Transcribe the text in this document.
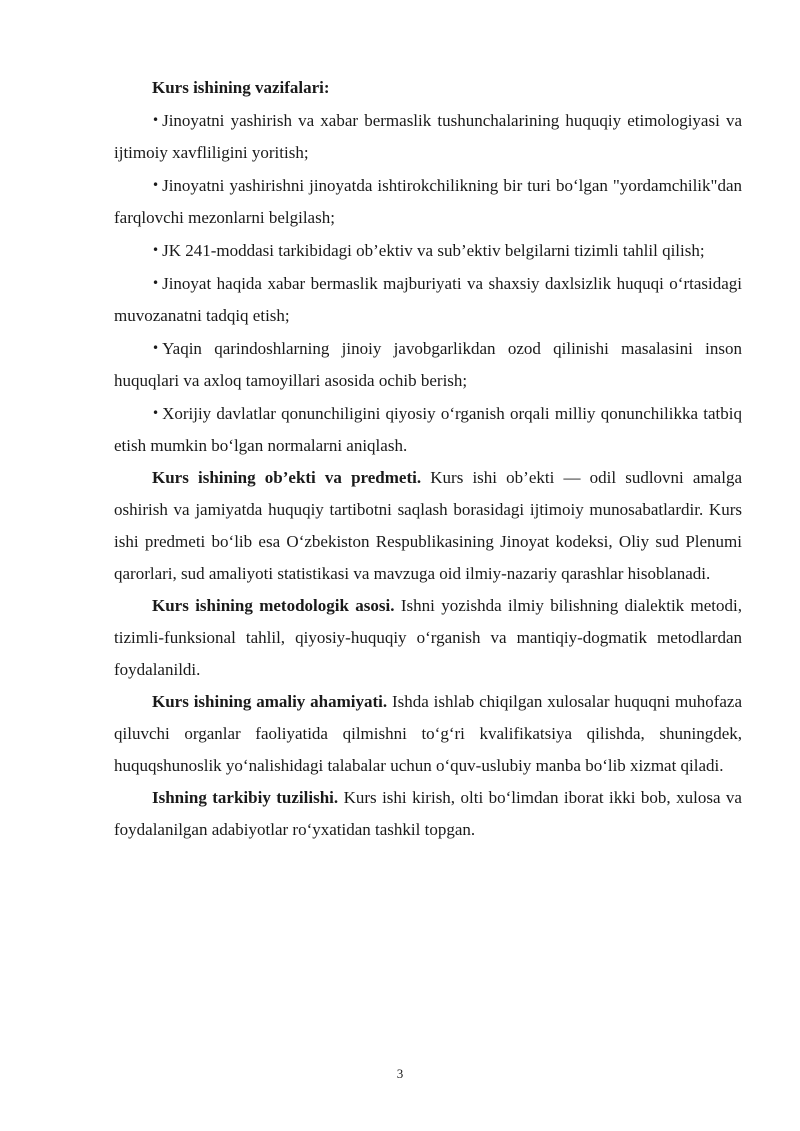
Kurs ishining vazifalari:

• Jinoyatni yashirish va xabar bermaslik tushunchalarining huquqiy etimologiyasi va ijtimoiy xavfliligini yoritish;

• Jinoyatni yashirishni jinoyatda ishtirokchilikning bir turi bo‘lgan "yordamchilik"dan farqlovchi mezonlarni belgilash;

• JK 241-moddasi tarkibidagi ob’ektiv va sub’ektiv belgilarni tizimli tahlil qilish;

• Jinoyat haqida xabar bermaslik majburiyati va shaxsiy daxlsizlik huquqi o‘rtasidagi muvozanatni tadqiq etish;

• Yaqin qarindoshlarning jinoiy javobgarlikdan ozod qilinishi masalasini inson huquqlari va axloq tamoyillari asosida ochib berish;

• Xorijiy davlatlar qonunchiligini qiyosiy o‘rganish orqali milliy qonunchilikka tatbiq etish mumkin bo‘lgan normalarni aniqlash.

Kurs ishining ob’ekti va predmeti. Kurs ishi ob’ekti — odil sudlovni amalga oshirish va jamiyatda huquqiy tartibotni saqlash borasidagi ijtimoiy munosabatlardir. Kurs ishi predmeti bo‘lib esa O‘zbekiston Respublikasining Jinoyat kodeksi, Oliy sud Plenumi qarorlari, sud amaliyoti statistikasi va mavzuga oid ilmiy-nazariy qarashlar hisoblanadi.

Kurs ishining metodologik asosi. Ishni yozishda ilmiy bilishning dialektik metodi, tizimli-funksional tahlil, qiyosiy-huquqiy o‘rganish va mantiqiy-dogmatik metodlardan foydalanildi.

Kurs ishining amaliy ahamiyati. Ishda ishlab chiqilgan xulosalar huquqni muhofaza qiluvchi organlar faoliyatida qilmishni to‘g‘ri kvalifikatsiya qilishda, shuningdek, huquqshunoslik yo‘nalishidagi talabalar uchun o‘quv-uslubiy manba bo‘lib xizmat qiladi.

Ishning tarkibiy tuzilishi. Kurs ishi kirish, olti bo‘limdan iborat ikki bob, xulosa va foydalanilgan adabiyotlar ro‘yxatidan tashkil topgan.

3
